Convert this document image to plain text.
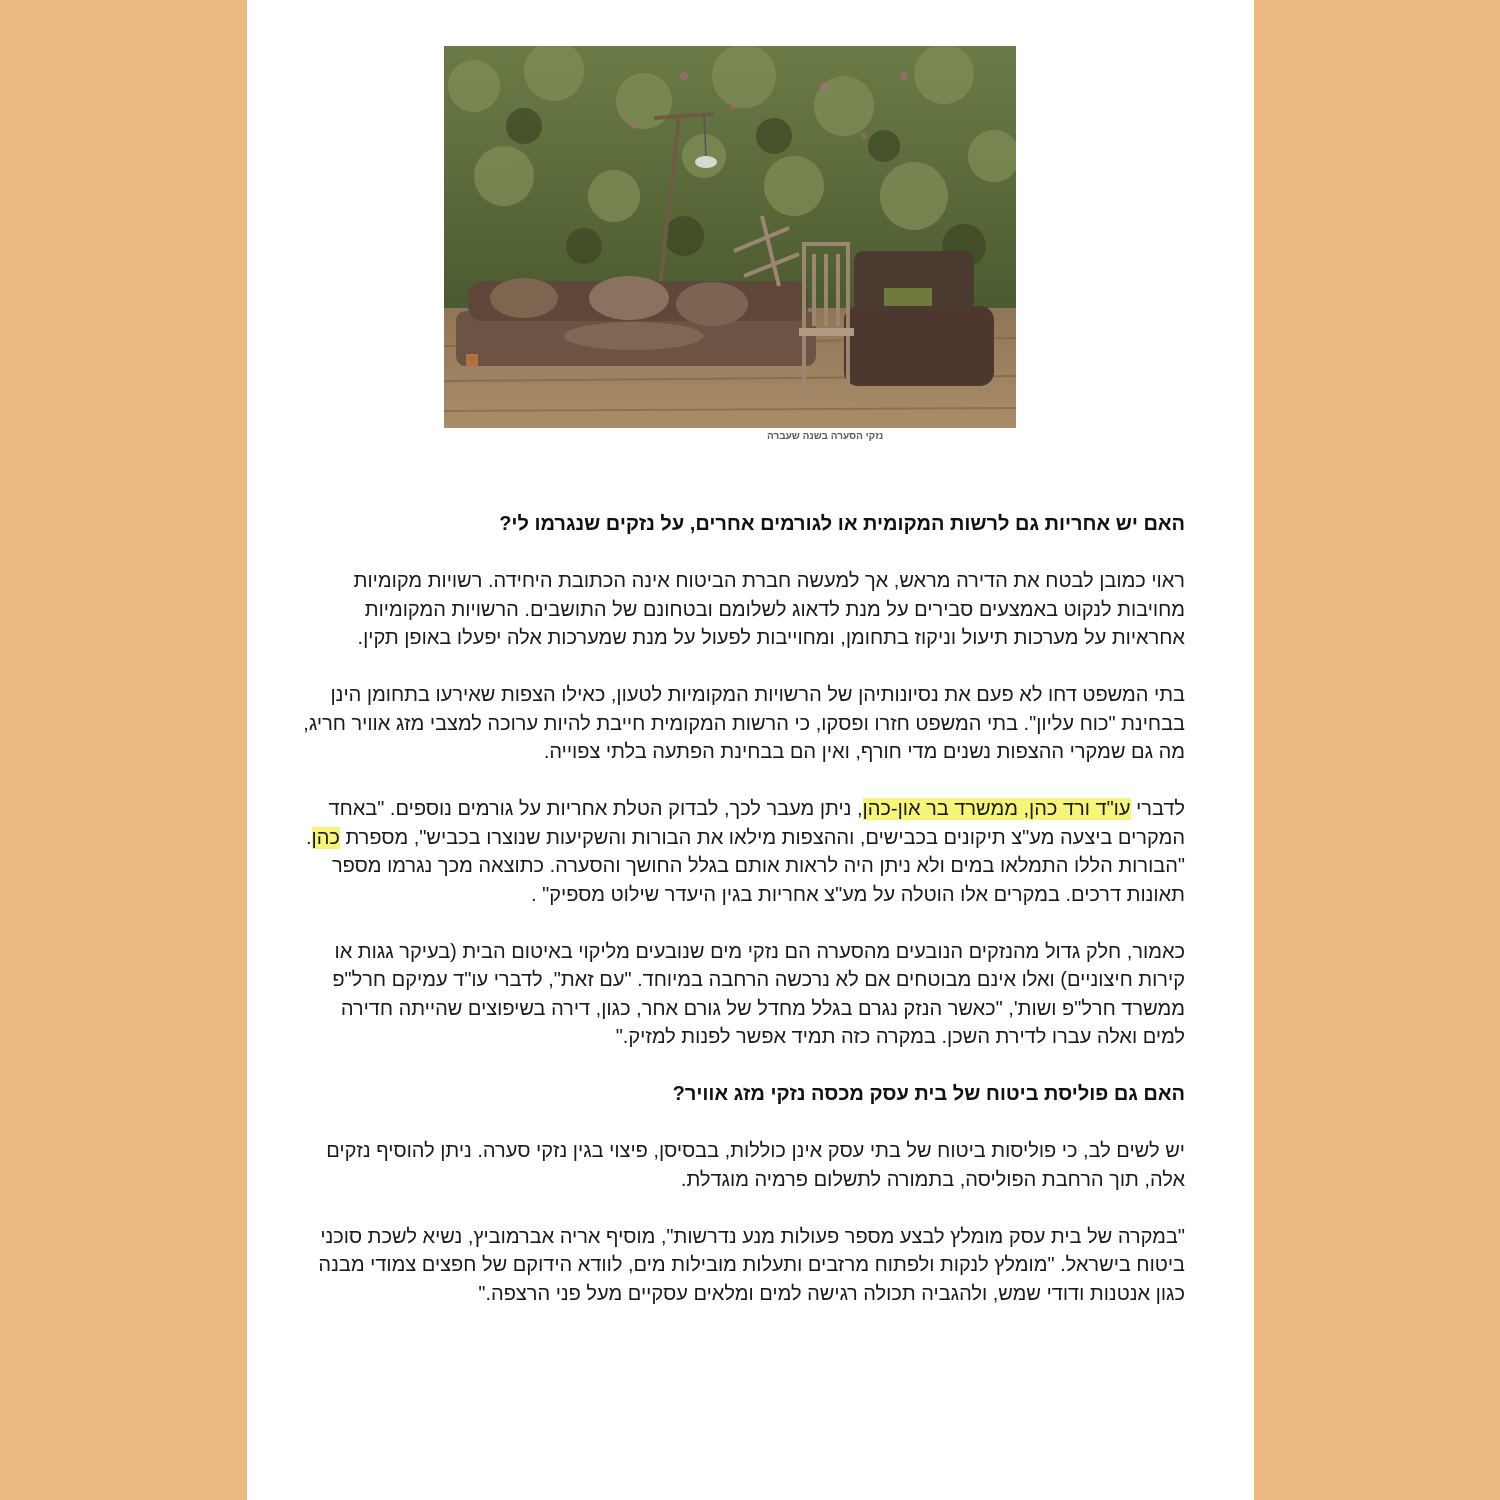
נזקי הסערה בשנה שעברה
האם יש אחריות גם לרשות המקומית או לגורמים אחרים, על נזקים שנגרמו לי?

ראוי כמובן לבטח את הדירה מראש, אך למעשה חברת הביטוח אינה הכתובת היחידה. רשויות מקומיות מחויבות לנקוט באמצעים סבירים על מנת לדאוג לשלומם ובטחונם של התושבים. הרשויות המקומיות אחראיות על מערכות תיעול וניקוז בתחומן, ומחוייבות לפעול על מנת שמערכות אלה יפעלו באופן תקין.

בתי המשפט דחו לא פעם את נסיונותיהן של הרשויות המקומיות לטעון, כאילו הצפות שאירעו בתחומן הינן בבחינת "כוח עליון". בתי המשפט חזרו ופסקו, כי הרשות המקומית חייבת להיות ערוכה למצבי מזג אוויר חריג, מה גם שמקרי ההצפות נשנים מדי חורף, ואין הם בבחינת הפתעה בלתי צפוייה.

לדברי עו"ד ורד כהן, ממשרד בר און-כהן, ניתן מעבר לכך, לבדוק הטלת אחריות על גורמים נוספים. "באחד המקרים ביצעה מע"צ תיקונים בכבישים, וההצפות מילאו את הבורות והשקיעות שנוצרו בכביש", מספרת כהן. "הבורות הללו התמלאו במים ולא ניתן היה לראות אותם בגלל החושך והסערה. כתוצאה מכך נגרמו מספר תאונות דרכים. במקרים אלו הוטלה על מע"צ אחריות בגין היעדר שילוט מספיק" .

כאמור, חלק גדול מהנזקים הנובעים מהסערה הם נזקי מים שנובעים מליקוי באיטום הבית (בעיקר גגות או קירות חיצוניים) ואלו אינם מבוטחים אם לא נרכשה הרחבה במיוחד. "עם זאת", לדברי עו"ד עמיקם חרל"פ ממשרד חרל"פ ושות', "כאשר הנזק נגרם בגלל מחדל של גורם אחר, כגון, דירה בשיפוצים שהייתה חדירה למים ואלה עברו לדירת השכן. במקרה כזה תמיד אפשר לפנות למזיק."

האם גם פוליסת ביטוח של בית עסק מכסה נזקי מזג אוויר?

יש לשים לב, כי פוליסות ביטוח של בתי עסק אינן כוללות, בבסיסן, פיצוי בגין נזקי סערה. ניתן להוסיף נזקים אלה, תוך הרחבת הפוליסה, בתמורה לתשלום פרמיה מוגדלת.

"במקרה של בית עסק מומלץ לבצע מספר פעולות מנע נדרשות", מוסיף אריה אברמוביץ, נשיא לשכת סוכני ביטוח בישראל. "מומלץ לנקות ולפתוח מרזבים ותעלות מובילות מים, לוודא הידוקם של חפצים צמודי מבנה כגון אנטנות ודודי שמש, ולהגביה תכולה רגישה למים ומלאים עסקיים מעל פני הרצפה."
